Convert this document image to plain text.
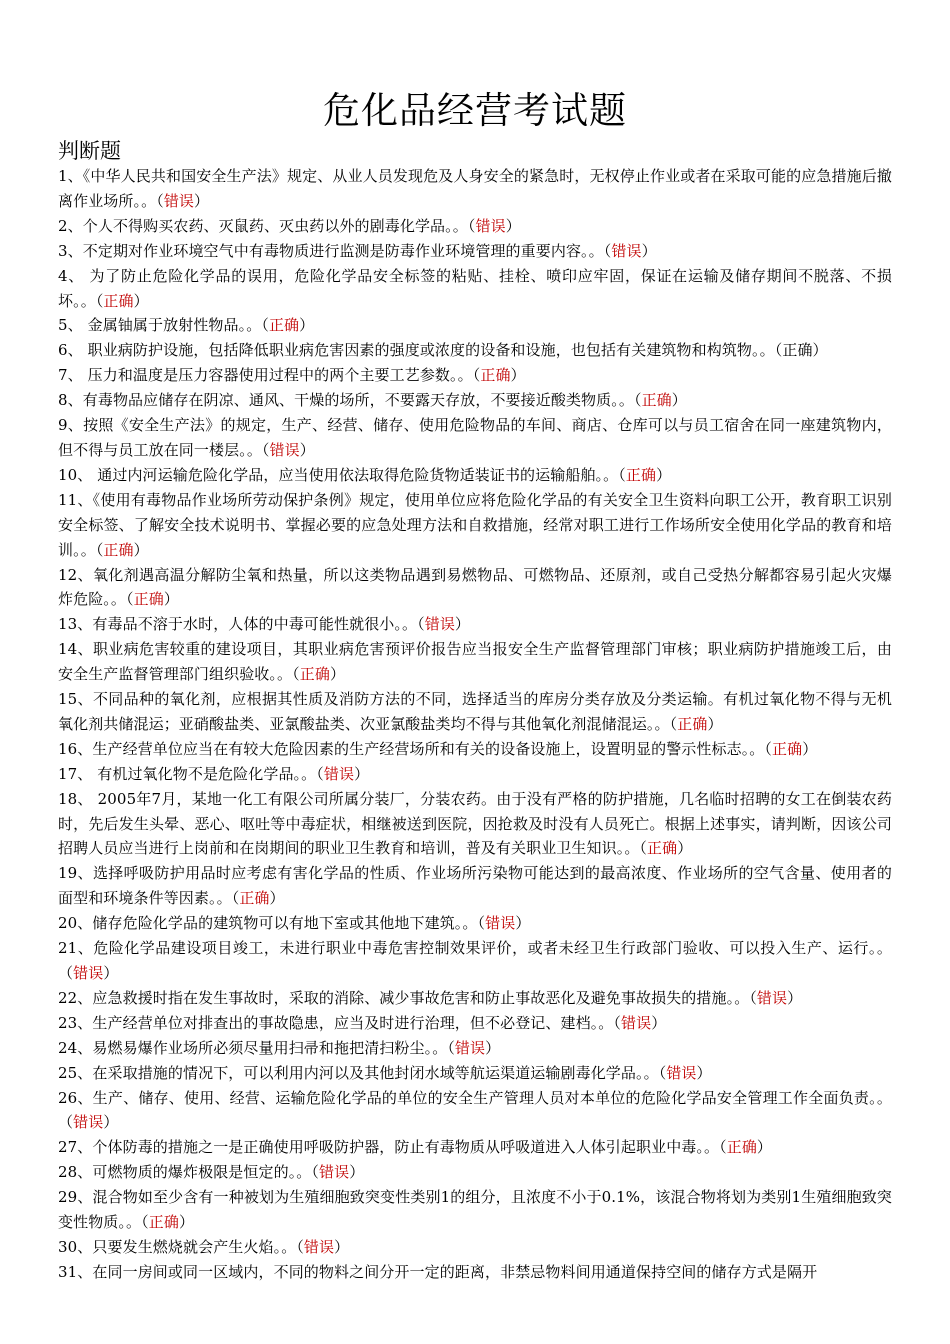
危化品经营考试题
判断题

1、《中华人民共和国安全生产法》规定、从业人员发现危及人身安全的紧急时，无权停止作业或者在采取可能的应急措施后撤离作业场所。。（错误）

2、个人不得购买农药、灭鼠药、灭虫药以外的剧毒化学品。。（错误）

3、不定期对作业环境空气中有毒物质进行监测是防毒作业环境管理的重要内容。。（错误）

4、 为了防止危险化学品的误用，危险化学品安全标签的粘贴、挂栓、喷印应牢固，保证在运输及储存期间不脱落、不损坏。。（正确）

5、 金属铀属于放射性物品。。（正确）

6、 职业病防护设施，包括降低职业病危害因素的强度或浓度的设备和设施，也包括有关建筑物和构筑物。。（正确）

7、 压力和温度是压力容器使用过程中的两个主要工艺参数。。（正确）

8、有毒物品应储存在阴凉、通风、干燥的场所，不要露天存放，不要接近酸类物质。。（正确）

9、按照《安全生产法》的规定，生产、经营、储存、使用危险物品的车间、商店、仓库可以与员工宿舍在同一座建筑物内，但不得与员工放在同一楼层。。（错误）

10、 通过内河运输危险化学品，应当使用依法取得危险货物适装证书的运输船舶。。（正确）

11、《使用有毒物品作业场所劳动保护条例》规定，使用单位应将危险化学品的有关安全卫生资料向职工公开，教育职工识别安全标签、了解安全技术说明书、掌握必要的应急处理方法和自救措施，经常对职工进行工作场所安全使用化学品的教育和培训。。（正确）

12、氧化剂遇高温分解防尘氧和热量，所以这类物品遇到易燃物品、可燃物品、还原剂，或自己受热分解都容易引起火灾爆炸危险。。（正确）

13、有毒品不溶于水时，人体的中毒可能性就很小。。（错误）

14、职业病危害较重的建设项目，其职业病危害预评价报告应当报安全生产监督管理部门审核；职业病防护措施竣工后，由安全生产监督管理部门组织验收。。（正确）

15、不同品种的氧化剂，应根据其性质及消防方法的不同，选择适当的库房分类存放及分类运输。有机过氧化物不得与无机氧化剂共储混运；亚硝酸盐类、亚氯酸盐类、次亚氯酸盐类均不得与其他氧化剂混储混运。。（正确）

16、生产经营单位应当在有较大危险因素的生产经营场所和有关的设备设施上，设置明显的警示性标志。。（正确）

17、 有机过氧化物不是危险化学品。。（错误）

18、 2005年7月，某地一化工有限公司所属分装厂，分装农药。由于没有严格的防护措施，几名临时招聘的女工在倒装农药时，先后发生头晕、恶心、呕吐等中毒症状，相继被送到医院，因抢救及时没有人员死亡。根据上述事实，请判断，因该公司招聘人员应当进行上岗前和在岗期间的职业卫生教育和培训，普及有关职业卫生知识。。（正确）

19、选择呼吸防护用品时应考虑有害化学品的性质、作业场所污染物可能达到的最高浓度、作业场所的空气含量、使用者的面型和环境条件等因素。。（正确）

20、储存危险化学品的建筑物可以有地下室或其他地下建筑。。（错误）

21、危险化学品建设项目竣工，未进行职业中毒危害控制效果评价，或者未经卫生行政部门验收、可以投入生产、运行。。（错误）

22、应急救援时指在发生事故时，采取的消除、减少事故危害和防止事故恶化及避免事故损失的措施。。（错误）

23、生产经营单位对排查出的事故隐患，应当及时进行治理，但不必登记、建档。。（错误）

24、易燃易爆作业场所必须尽量用扫帚和拖把清扫粉尘。。（错误）

25、在采取措施的情况下，可以利用内河以及其他封闭水域等航运渠道运输剧毒化学品。。（错误）

26、生产、储存、使用、经营、运输危险化学品的单位的安全生产管理人员对本单位的危险化学品安全管理工作全面负责。。（错误）

27、个体防毒的措施之一是正确使用呼吸防护器，防止有毒物质从呼吸道进入人体引起职业中毒。。（正确）

28、可燃物质的爆炸极限是恒定的。。（错误）

29、混合物如至少含有一种被划为生殖细胞致突变性类别1的组分，且浓度不小于0.1%，该混合物将划为类别1生殖细胞致突变性物质。。（正确）

30、只要发生燃烧就会产生火焰。。（错误）

31、在同一房间或同一区域内，不同的物料之间分开一定的距离，非禁忌物料间用通道保持空间的储存方式是隔开
